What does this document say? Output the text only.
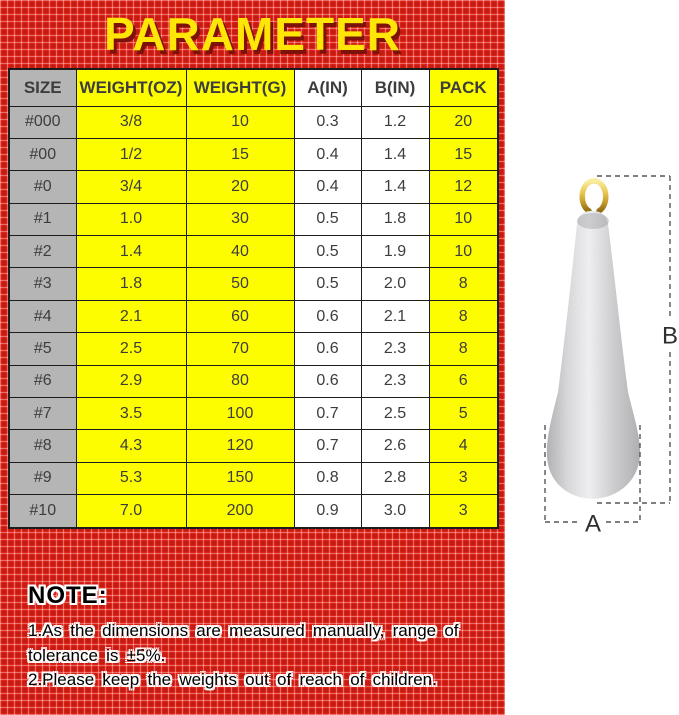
PARAMETER
SIZE	WEIGHT(OZ)	WEIGHT(G)	A(IN)	B(IN)	PACK
#000	3/8	10	0.3	1.2	20
#00	1/2	15	0.4	1.4	15
#0	3/4	20	0.4	1.4	12
#1	1.0	30	0.5	1.8	10
#2	1.4	40	0.5	1.9	10
#3	1.8	50	0.5	2.0	8
#4	2.1	60	0.6	2.1	8
#5	2.5	70	0.6	2.3	8
#6	2.9	80	0.6	2.3	6
#7	3.5	100	0.7	2.5	5
#8	4.3	120	0.7	2.6	4
#9	5.3	150	0.8	2.8	3
#10	7.0	200	0.9	3.0	3
NOTE:
1.As the dimensions are measured manually, range of
tolerance is ±5%.
2.Please keep the weights out of reach of children.
B
A
